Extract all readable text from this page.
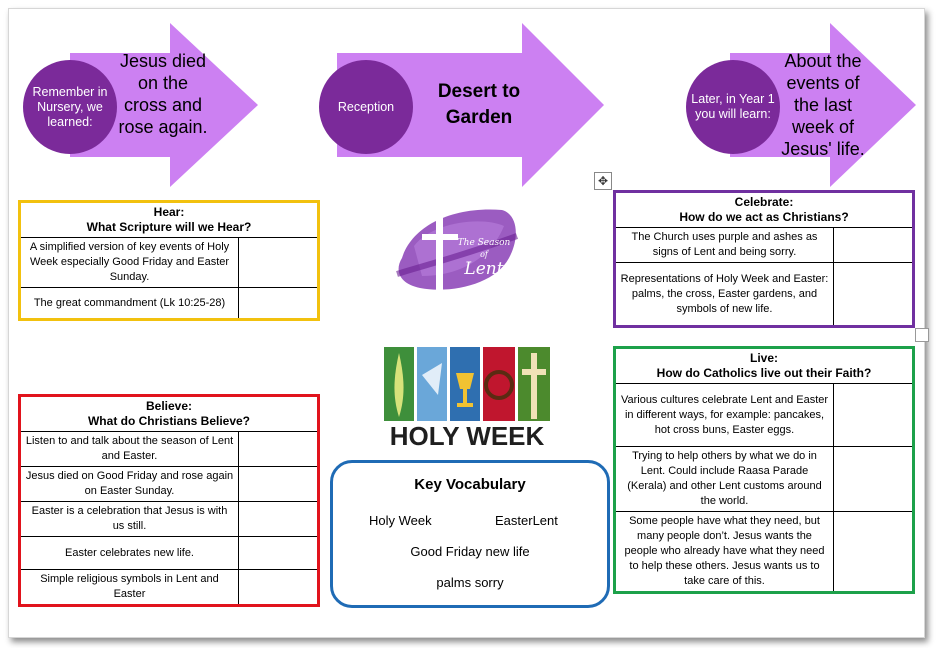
Remember in Nursery, we learned:
Jesus died on the cross and rose again.
Reception
Desert to Garden
Later, in Year 1 you will learn:
About the events of the last week of Jesus' life.
✥
Hear:
What Scripture will we Hear?	

A simplified version of key events of Holy Week especially Good Friday and Easter Sunday.	
The great commandment (Lk 10:25-28)	
Believe:
What do Christians Believe?	

Listen to and talk about the season of Lent and Easter.	
Jesus died on Good Friday and rose again on Easter Sunday.	
Easter is a celebration that Jesus is with us still.	
Easter celebrates new life.	
Simple religious symbols in Lent and Easter	
Celebrate:
How do we act as Christians?	

The Church uses purple and ashes as signs of Lent and being sorry.	
Representations of Holy Week and Easter: palms, the cross, Easter gardens, and symbols of new life.	
Live:
How do Catholics live out their Faith?	

Various cultures celebrate Lent and Easter in different ways, for example: pancakes, hot cross buns, Easter eggs.	
Trying to help others by what we do in Lent. Could include Raasa Parade (Kerala) and other Lent customs around the world.	
Some people have what they need, but many people don’t. Jesus wants the people who already have what they need to help these others. Jesus wants us to take care of this.	
The Season
of
Lent
HOLY WEEK
Key Vocabulary
Holy Week	EasterLent
Good Friday new life
palms sorry
